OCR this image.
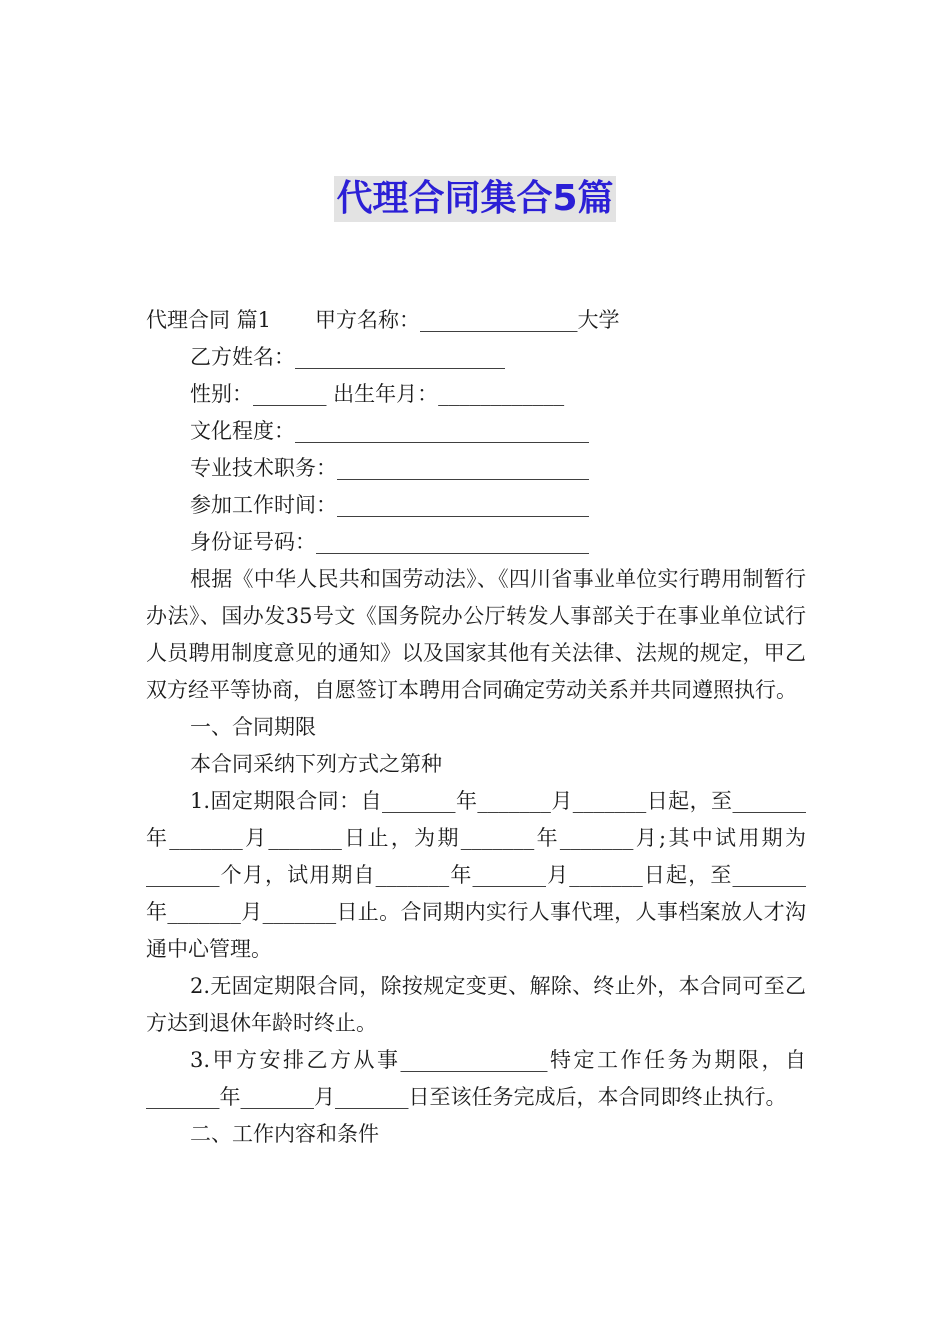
代理合同集合5篇
代理合同 篇1 甲方名称：_______________大学
乙方姓名：____________________
性别：_______ 出生年月：____________
文化程度：____________________________
专业技术职务：________________________
参加工作时间：________________________
身份证号码：__________________________
根据《中华人民共和国劳动法》、《四川省事业单位实行聘用制暂行办法》、国办发35号文《国务院办公厅转发人事部关于在事业单位试行人员聘用制度意见的通知》以及国家其他有关法律、法规的规定，甲乙双方经平等协商，自愿签订本聘用合同确定劳动关系并共同遵照执行。
一、合同期限
本合同采纳下列方式之第种
1.固定期限合同：自_______年_______月_______日起，至_______年_______月_______日止，为期_______年_______月;其中试用期为 _______个月，试用期自_______年_______月_______日起，至_______年_______月_______日止。合同期内实行人事代理，人事档案放人才沟通中心管理。
2.无固定期限合同，除按规定变更、解除、终止外，本合同可至乙方达到退休年龄时终止。
3.甲方安排乙方从事______________特定工作任务为期限，自_______年_______月_______日至该任务完成后，本合同即终止执行。
二、工作内容和条件
